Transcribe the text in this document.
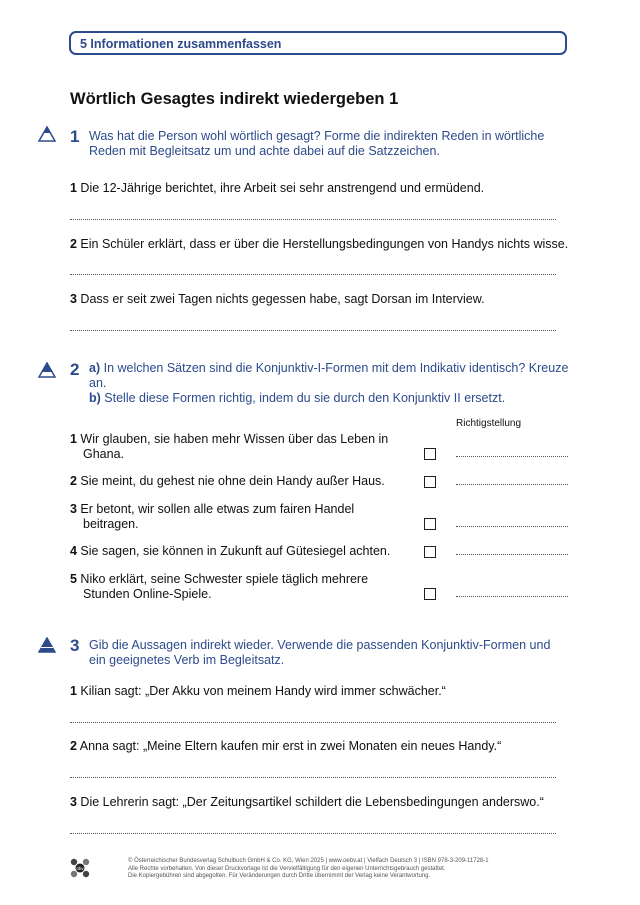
5 Informationen zusammenfassen
Wörtlich Gesagtes indirekt wiedergeben 1
1 Was hat die Person wohl wörtlich gesagt? Forme die indirekten Reden in wörtliche Reden mit Begleitsatz um und achte dabei auf die Satzzeichen.
1 Die 12-Jährige berichtet, ihre Arbeit sei sehr anstrengend und ermüdend.
2 Ein Schüler erklärt, dass er über die Herstellungsbedingungen von Handys nichts wisse.
3 Dass er seit zwei Tagen nichts gegessen habe, sagt Dorsan im Interview.
2 a) In welchen Sätzen sind die Konjunktiv-I-Formen mit dem Indikativ identisch? Kreuze an.
b) Stelle diese Formen richtig, indem du sie durch den Konjunktiv II ersetzt.
Richtigstellung
1 Wir glauben, sie haben mehr Wissen über das Leben in
Ghana.
2 Sie meint, du gehest nie ohne dein Handy außer Haus.
3 Er betont, wir sollen alle etwas zum fairen Handel
beitragen.
4 Sie sagen, sie können in Zukunft auf Gütesiegel achten.
5 Niko erklärt, seine Schwester spiele täglich mehrere
Stunden Online-Spiele.
3 Gib die Aussagen indirekt wieder. Verwende die passenden Konjunktiv-Formen und ein geeignetes Verb im Begleitsatz.
1 Kilian sagt: „Der Akku von meinem Handy wird immer schwächer.“
2 Anna sagt: „Meine Eltern kaufen mir erst in zwei Monaten ein neues Handy.“
3 Die Lehrerin sagt: „Der Zeitungsartikel schildert die Lebensbedingungen anderswo.“
öbv
© Österreichischer Bundesverlag Schulbuch GmbH & Co. KG, Wien 2025 | www.oebv.at | Vielfach Deutsch 3 | ISBN 978-3-209-11728-1
Alle Rechte vorbehalten. Von dieser Druckvorlage ist die Vervielfältigung für den eigenen Unterrichtsgebrauch gestattet.
Die Kopiergebühren sind abgegolten. Für Veränderungen durch Dritte übernimmt der Verlag keine Verantwortung.
